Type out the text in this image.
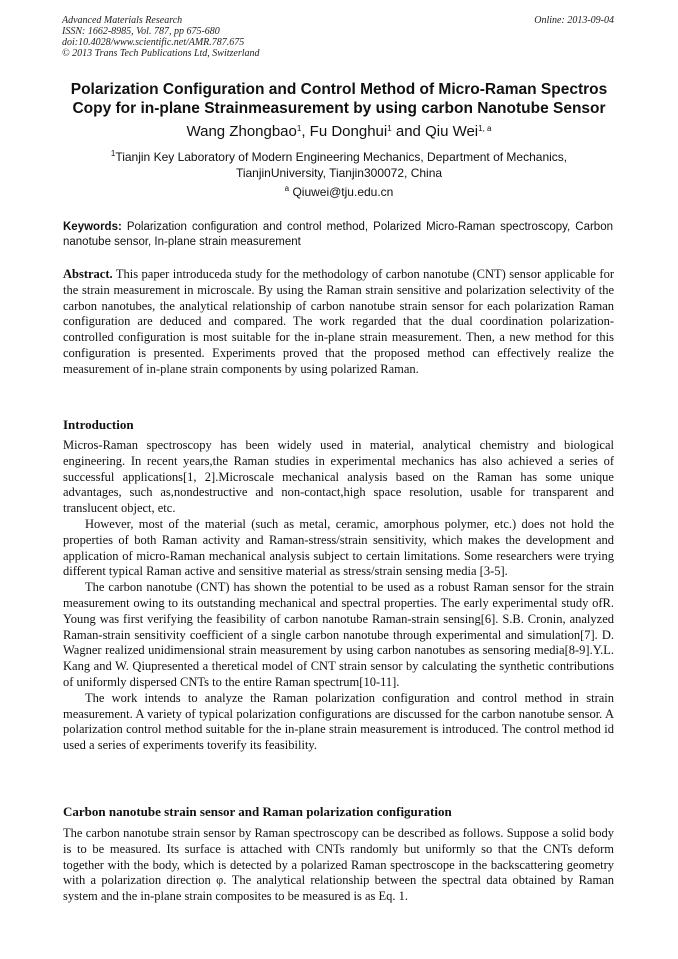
Advanced Materials Research
ISSN: 1662-8985, Vol. 787, pp 675-680
doi:10.4028/www.scientific.net/AMR.787.675
© 2013 Trans Tech Publications Ltd, Switzerland
Online: 2013-09-04
Polarization Configuration and Control Method of Micro-Raman Spectros
Copy for in-plane Strainmeasurement by using carbon Nanotube Sensor
Wang Zhongbao$^1$, Fu Donghui$^1$ and Qiu Wei$^{1, a}$
$^1$Tianjin Key Laboratory of Modern Engineering Mechanics, Department of Mechanics,
TianjinUniversity, Tianjin300072, China
$^a$ Qiuwei@tju.edu.cn
Keywords: Polarization configuration and control method, Polarized Micro-Raman spectroscopy, Carbon nanotube sensor, In-plane strain measurement
Abstract. This paper introduceda study for the methodology of carbon nanotube (CNT) sensor applicable for the strain measurement in microscale. By using the Raman strain sensitive and polarization selectivity of the carbon nanotubes, the analytical relationship of carbon nanotube strain sensor for each polarization Raman configuration are deduced and compared. The work regarded that the dual coordination polarization-controlled configuration is most suitable for the in-plane strain measurement. Then, a new method for this configuration is presented. Experiments proved that the proposed method can effectively realize the measurement of in-plane strain components by using polarized Raman.
Introduction

Micros-Raman spectroscopy has been widely used in material, analytical chemistry and biological engineering. In recent years,the Raman studies in experimental mechanics has also achieved a series of successful applications[1, 2].Microscale mechanical analysis based on the Raman has some unique advantages, such as,nondestructive and non-contact,high space resolution, usable for transparent and translucent object, etc.

However, most of the material (such as metal, ceramic, amorphous polymer, etc.) does not hold the properties of both Raman activity and Raman-stress/strain sensitivity, which makes the development and application of micro-Raman mechanical analysis subject to certain limitations. Some researchers were trying different typical Raman active and sensitive material as stress/strain sensing media [3-5].

The carbon nanotube (CNT) has shown the potential to be used as a robust Raman sensor for the strain measurement owing to its outstanding mechanical and spectral properties. The early experimental study ofR. Young was first verifying the feasibility of carbon nanotube Raman-strain sensing[6]. S.B. Cronin, analyzed Raman-strain sensitivity coefficient of a single carbon nanotube through experimental and simulation[7]. D. Wagner realized unidimensional strain measurement by using carbon nanotubes as sensoring media[8-9].Y.L. Kang and W. Qiupresented a theretical model of CNT strain sensor by calculating the synthetic contributions of uniformly dispersed CNTs to the entire Raman spectrum[10-11].

The work intends to analyze the Raman polarization configuration and control method in strain measurement. A variety of typical polarization configurations are discussed for the carbon nanotube sensor. A polarization control method suitable for the in-plane strain measurement is introduced. The control method id used a series of experiments toverify its feasibility.

Carbon nanotube strain sensor and Raman polarization configuration

The carbon nanotube strain sensor by Raman spectroscopy can be described as follows. Suppose a solid body is to be measured. Its surface is attached with CNTs randomly but uniformly so that the CNTs deform together with the body, which is detected by a polarized Raman spectroscope in the backscattering geometry with a polarization direction φ. The analytical relationship between the spectral data obtained by Raman system and the in-plane strain composites to be measured is as Eq. 1.
